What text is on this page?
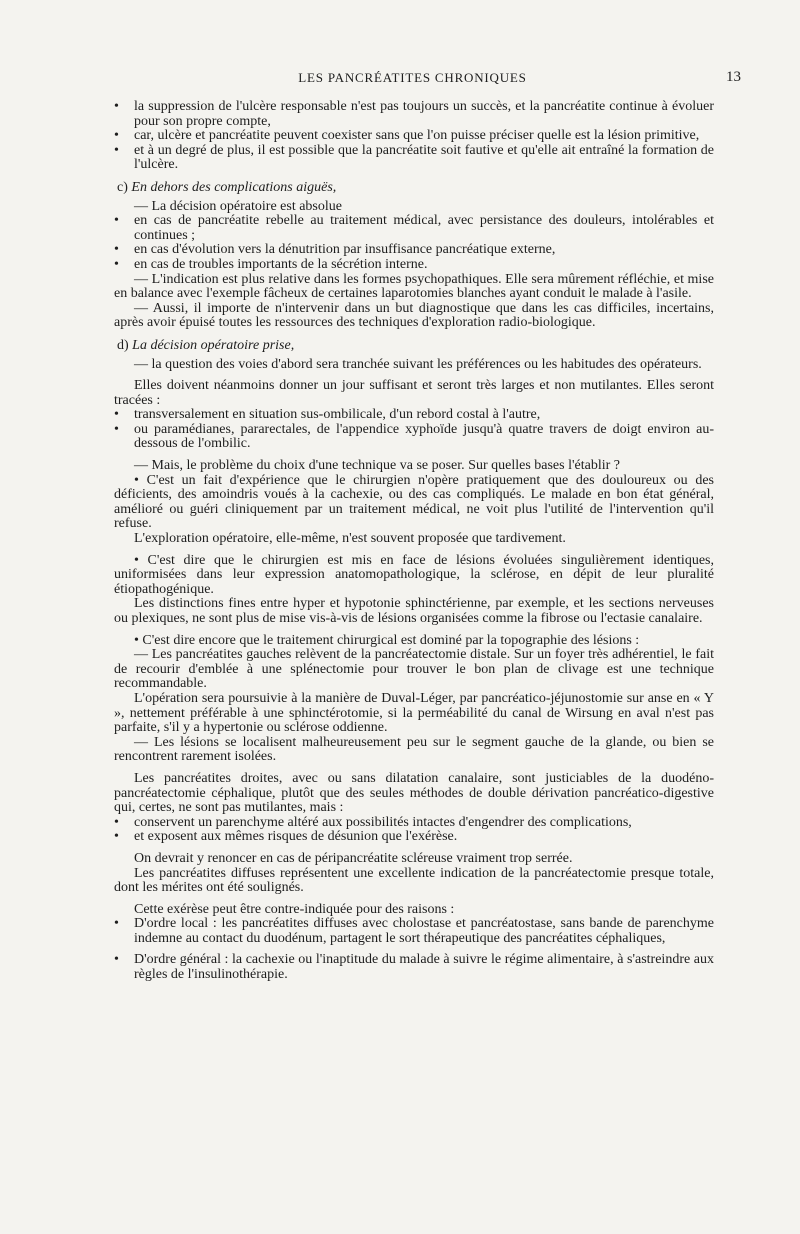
LES PANCRÉATITES CHRONIQUES	13
• la suppression de l'ulcère responsable n'est pas toujours un succès, et la pancréatite continue à évoluer pour son propre compte,
• car, ulcère et pancréatite peuvent coexister sans que l'on puisse préciser quelle est la lésion primitive,
• et à un degré de plus, il est possible que la pancréatite soit fautive et qu'elle ait entraîné la formation de l'ulcère.
c) En dehors des complications aiguës,
— La décision opératoire est absolue
• en cas de pancréatite rebelle au traitement médical, avec persistance des douleurs, intolérables et continues ;
• en cas d'évolution vers la dénutrition par insuffisance pancréatique externe,
• en cas de troubles importants de la sécrétion interne.
— L'indication est plus relative dans les formes psychopathiques. Elle sera mûrement réfléchie, et mise en balance avec l'exemple fâcheux de certaines laparotomies blanches ayant conduit le malade à l'asile.
— Aussi, il importe de n'intervenir dans un but diagnostique que dans les cas difficiles, incertains, après avoir épuisé toutes les ressources des techniques d'exploration radio-biologique.
d) La décision opératoire prise,
— la question des voies d'abord sera tranchée suivant les préférences ou les habitudes des opérateurs.
Elles doivent néanmoins donner un jour suffisant et seront très larges et non mutilantes. Elles seront tracées :
• transversalement en situation sus-ombilicale, d'un rebord costal à l'autre,
• ou paramédianes, pararectales, de l'appendice xyphoïde jusqu'à quatre travers de doigt environ au-dessous de l'ombilic.
— Mais, le problème du choix d'une technique va se poser. Sur quelles bases l'établir ?
• C'est un fait d'expérience que le chirurgien n'opère pratiquement que des douloureux ou des déficients, des amoindris voués à la cachexie, ou des cas compliqués. Le malade en bon état général, amélioré ou guéri cliniquement par un traitement médical, ne voit plus l'utilité de l'intervention qu'il refuse.
L'exploration opératoire, elle-même, n'est souvent proposée que tardivement.
• C'est dire que le chirurgien est mis en face de lésions évoluées singulièrement identiques, uniformisées dans leur expression anatomopathologique, la sclérose, en dépit de leur pluralité étiopathogénique.
Les distinctions fines entre hyper et hypotonie sphinctérienne, par exemple, et les sections nerveuses ou plexiques, ne sont plus de mise vis-à-vis de lésions organisées comme la fibrose ou l'ectasie canalaire.
• C'est dire encore que le traitement chirurgical est dominé par la topographie des lésions :
— Les pancréatites gauches relèvent de la pancréatectomie distale. Sur un foyer très adhérentiel, le fait de recourir d'emblée à une splénectomie pour trouver le bon plan de clivage est une technique recommandable.
L'opération sera poursuivie à la manière de Duval-Léger, par pancréatico-jéjunostomie sur anse en « Y », nettement préférable à une sphinctérotomie, si la perméabilité du canal de Wirsung en aval n'est pas parfaite, s'il y a hypertonie ou sclérose oddienne.
— Les lésions se localisent malheureusement peu sur le segment gauche de la glande, ou bien se rencontrent rarement isolées.
Les pancréatites droites, avec ou sans dilatation canalaire, sont justiciables de la duodéno-pancréatectomie céphalique, plutôt que des seules méthodes de double dérivation pancréatico-digestive qui, certes, ne sont pas mutilantes, mais :
• conservent un parenchyme altéré aux possibilités intactes d'engendrer des complications,
• et exposent aux mêmes risques de désunion que l'exérèse.
On devrait y renoncer en cas de péripancréatite scléreuse vraiment trop serrée.
Les pancréatites diffuses représentent une excellente indication de la pancréatectomie presque totale, dont les mérites ont été soulignés.
Cette exérèse peut être contre-indiquée pour des raisons :
• D'ordre local : les pancréatites diffuses avec cholostase et pancréatostase, sans bande de parenchyme indemne au contact du duodénum, partagent le sort thérapeutique des pancréatites céphaliques,
• D'ordre général : la cachexie ou l'inaptitude du malade à suivre le régime alimentaire, à s'astreindre aux règles de l'insulinothérapie.
